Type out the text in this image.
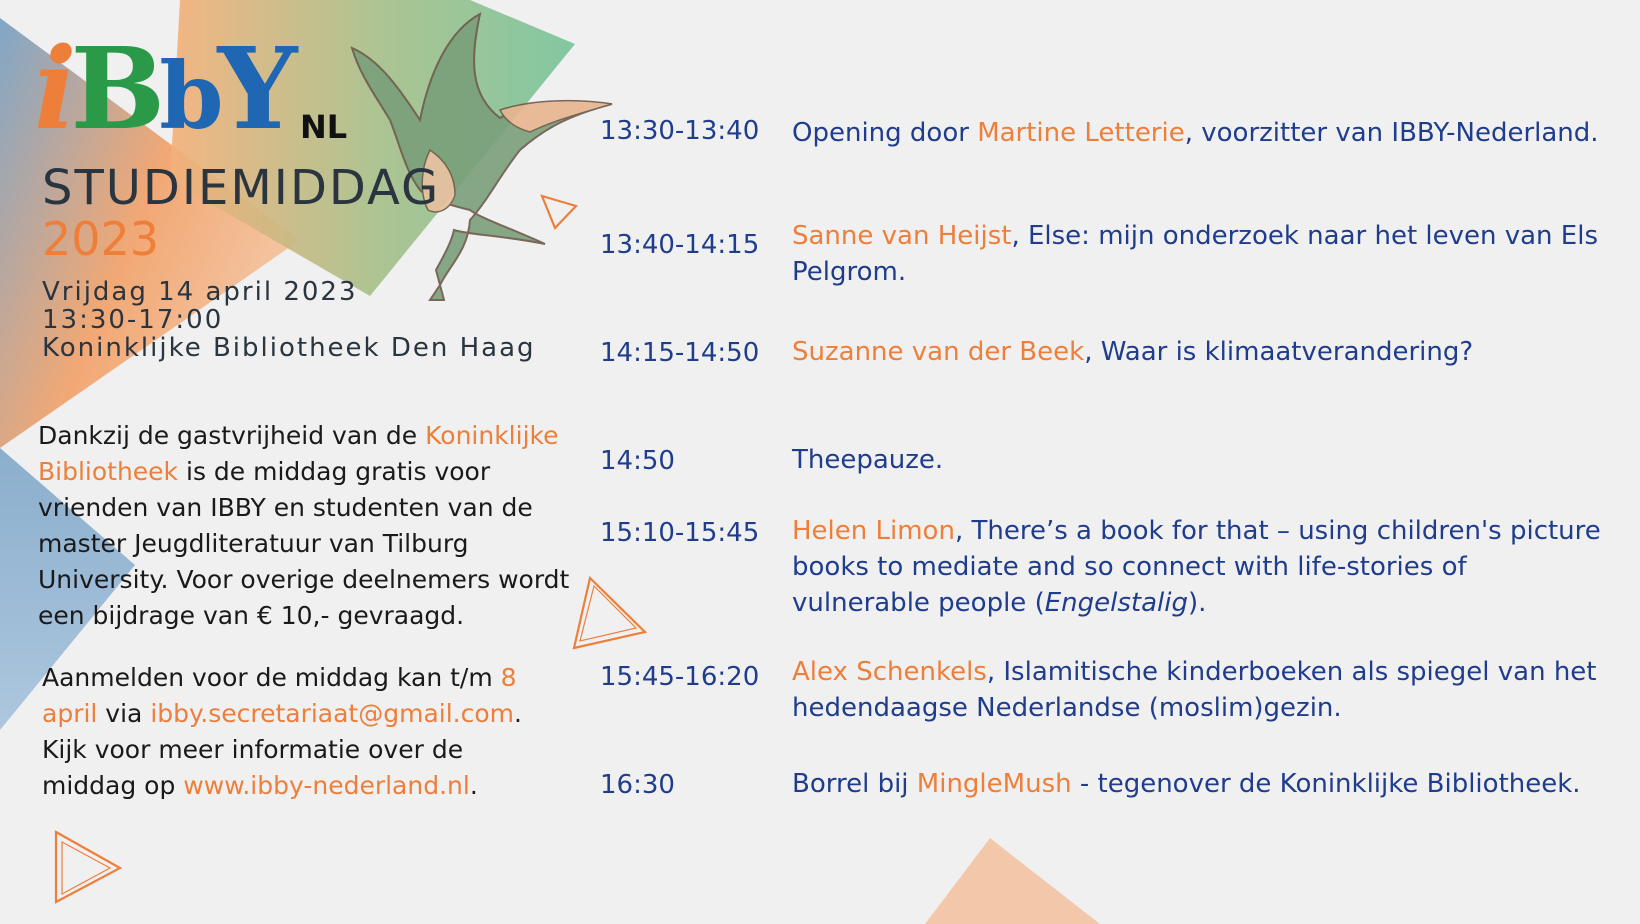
iBbY NL
STUDIEMIDDAG
2023
Vrijdag 14 april 2023
13:30-17:00
Koninklijke Bibliotheek Den Haag
Dankzij de gastvrijheid van de Koninklijke Bibliotheek is de middag gratis voor vrienden van IBBY en studenten van de master Jeugdliteratuur van Tilburg University. Voor overige deelnemers wordt een bijdrage van € 10,- gevraagd.
Aanmelden voor de middag kan t/m 8 april via ibby.secretariaat@gmail.com. Kijk voor meer informatie over de middag op www.ibby-nederland.nl.
13:30-13:40 Opening door Martine Letterie, voorzitter van IBBY-Nederland.
13:40-14:15 Sanne van Heijst, Else: mijn onderzoek naar het leven van Els Pelgrom.
14:15-14:50 Suzanne van der Beek, Waar is klimaatverandering?
14:50	Theepauze.
15:10-15:45 Helen Limon, There’s a book for that – using children's picture books to mediate and so connect with life-stories of vulnerable people (Engelstalig).
15:45-16:20 Alex Schenkels, Islamitische kinderboeken als spiegel van het hedendaagse Nederlandse (moslim)gezin.
16:30	Borrel bij MingleMush - tegenover de Koninklijke Bibliotheek.
